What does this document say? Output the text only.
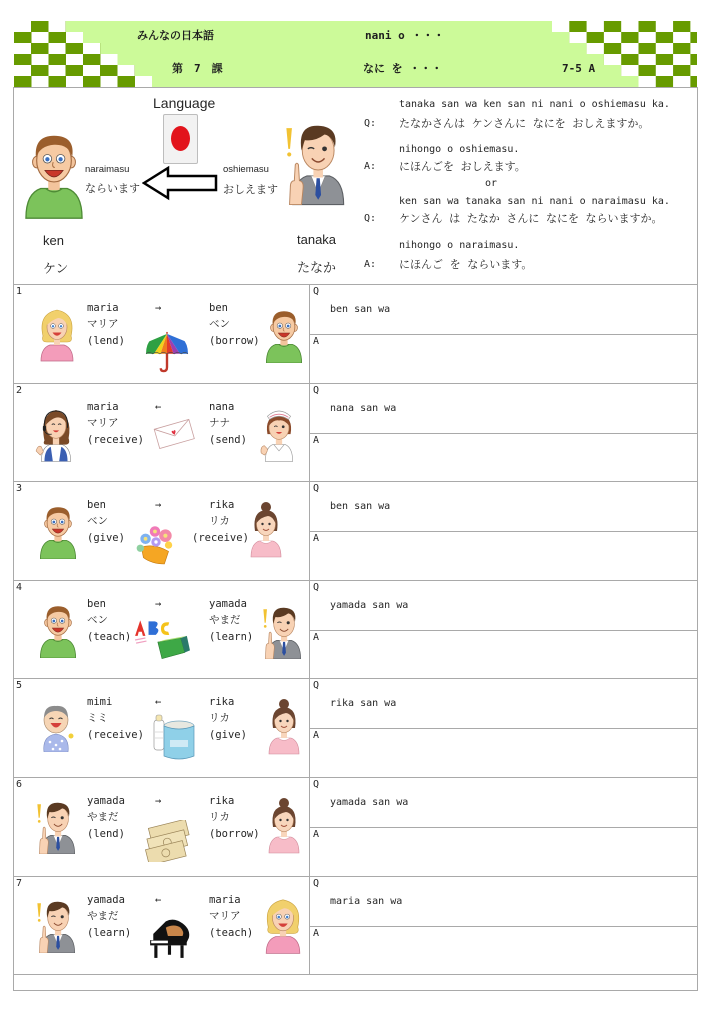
みんなの日本語	nani o ・・・
第　7　課	なに を ・・・	7-5 A
Language
naraimasu
ならいます
oshiemasu
おしえます
ken
ケン
tanaka
たなか
tanaka san wa ken san ni nani o oshiemasu ka.
Q: たなかさんは ケンさんに なにを おしえますか。
nihongo o oshiemasu.
A: にほんごを おしえます。
or
ken san wa tanaka san ni nani o naraimasu ka.
Q: ケンさん は たなか さんに なにを ならいますか。
nihongo o naraimasu.
A: にほんご を ならいます。
1
maria
マリア
(lend)
→	ben
ベン
(borrow)
Q
ben san wa
A
2
maria
マリア
(receive)
←	nana
ナナ
(send)
Q
nana san wa
A
3
ben
ベン
(give)
→	rika
リカ
(receive)
Q
ben san wa
A
4
ben
ベン
(teach)
→	yamada
やまだ
(learn)
Q
yamada san wa
A
5
mimi
ミミ
(receive)
←	rika
リカ
(give)
Q
rika san wa
A
6
yamada
やまだ
(lend)
→	rika
リカ
(borrow)
Q
yamada san wa
A
7
yamada
やまだ
(learn)
←	maria
マリア
(teach)
Q
maria san wa
A
